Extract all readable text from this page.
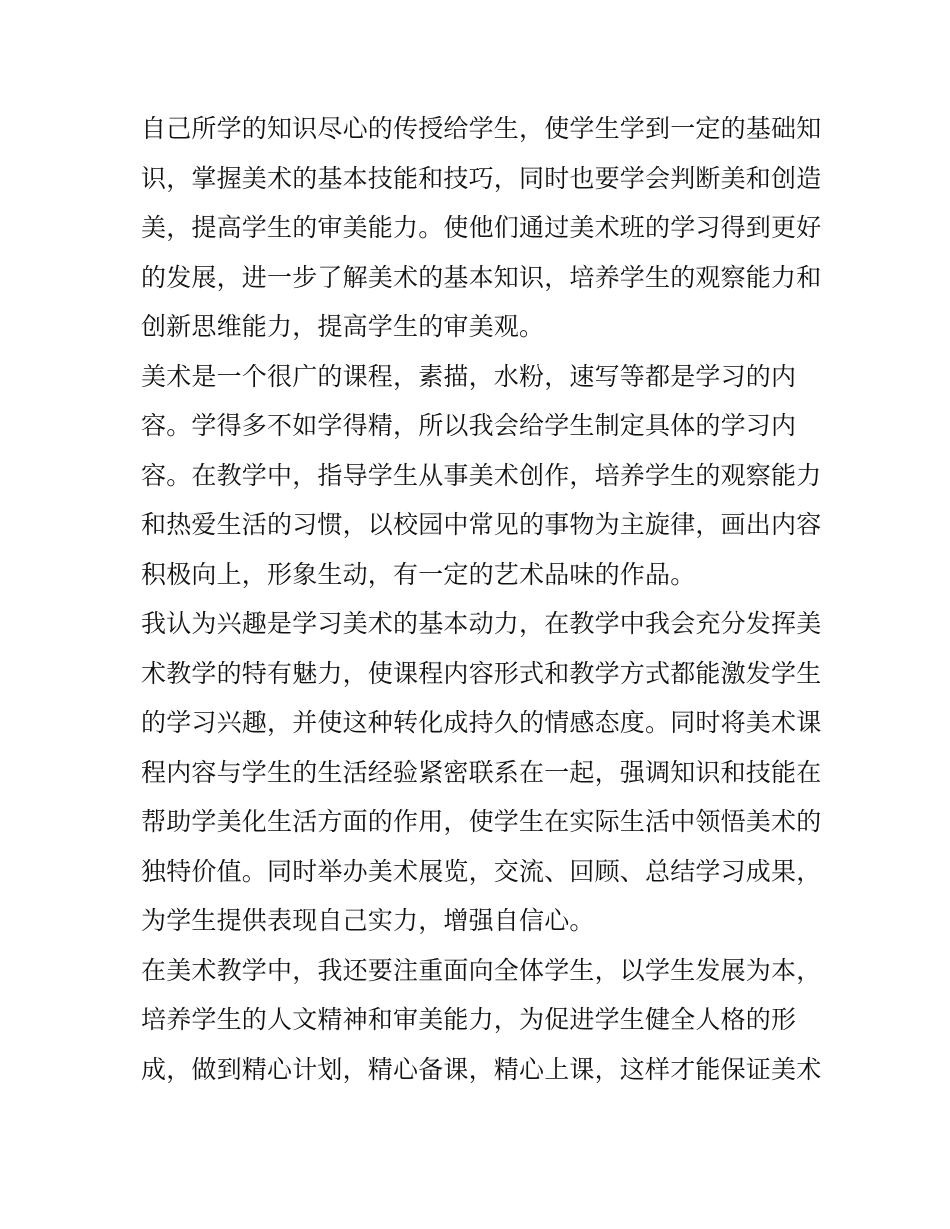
自己所学的知识尽心的传授给学生，使学生学到一定的基础知
识，掌握美术的基本技能和技巧，同时也要学会判断美和创造
美，提高学生的审美能力。使他们通过美术班的学习得到更好
的发展，进一步了解美术的基本知识，培养学生的观察能力和
创新思维能力，提高学生的审美观。
美术是一个很广的课程，素描，水粉，速写等都是学习的内
容。学得多不如学得精，所以我会给学生制定具体的学习内
容。在教学中，指导学生从事美术创作，培养学生的观察能力
和热爱生活的习惯，以校园中常见的事物为主旋律，画出内容
积极向上，形象生动，有一定的艺术品味的作品。
我认为兴趣是学习美术的基本动力，在教学中我会充分发挥美
术教学的特有魅力，使课程内容形式和教学方式都能激发学生
的学习兴趣，并使这种转化成持久的情感态度。同时将美术课
程内容与学生的生活经验紧密联系在一起，强调知识和技能在
帮助学美化生活方面的作用，使学生在实际生活中领悟美术的
独特价值。同时举办美术展览，交流、回顾、总结学习成果，
为学生提供表现自己实力，增强自信心。
在美术教学中，我还要注重面向全体学生，以学生发展为本，
培养学生的人文精神和审美能力，为促进学生健全人格的形
成，做到精心计划，精心备课，精心上课，这样才能保证美术
